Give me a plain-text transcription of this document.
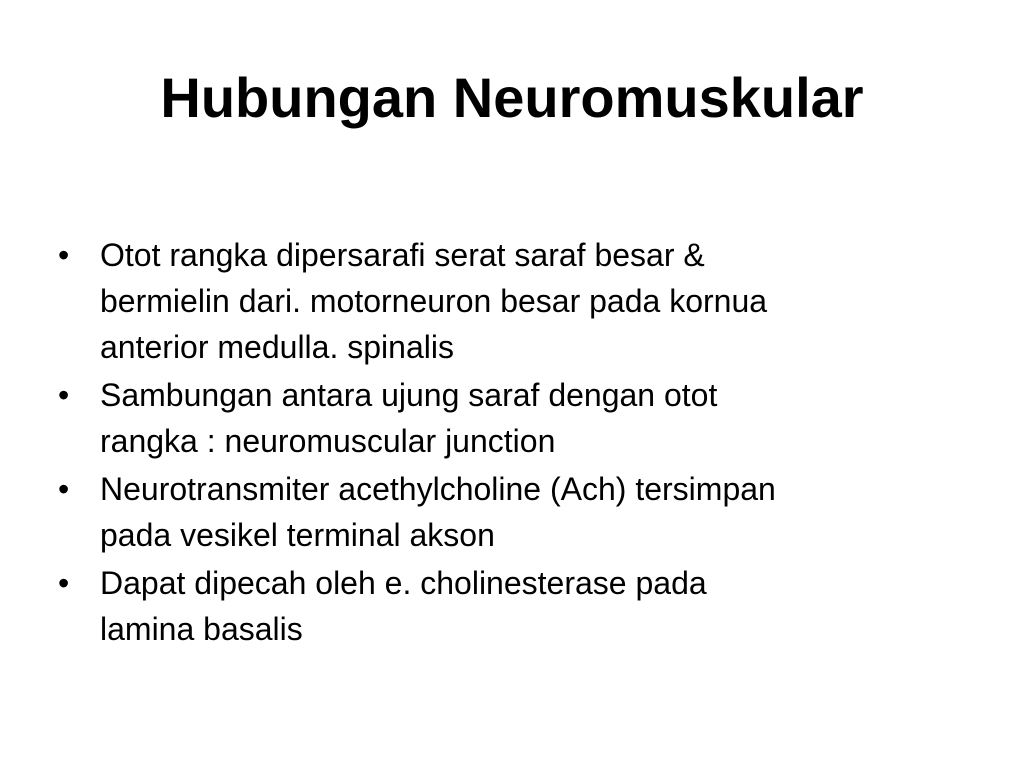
Hubungan Neuromuskular
• Otot rangka dipersarafi serat saraf besar &
bermielin dari. motorneuron besar pada kornua
anterior medulla. spinalis
• Sambungan antara ujung saraf dengan otot
rangka : neuromuscular junction
• Neurotransmiter acethylcholine (Ach) tersimpan
pada vesikel terminal akson
• Dapat dipecah oleh e. cholinesterase pada
lamina basalis
